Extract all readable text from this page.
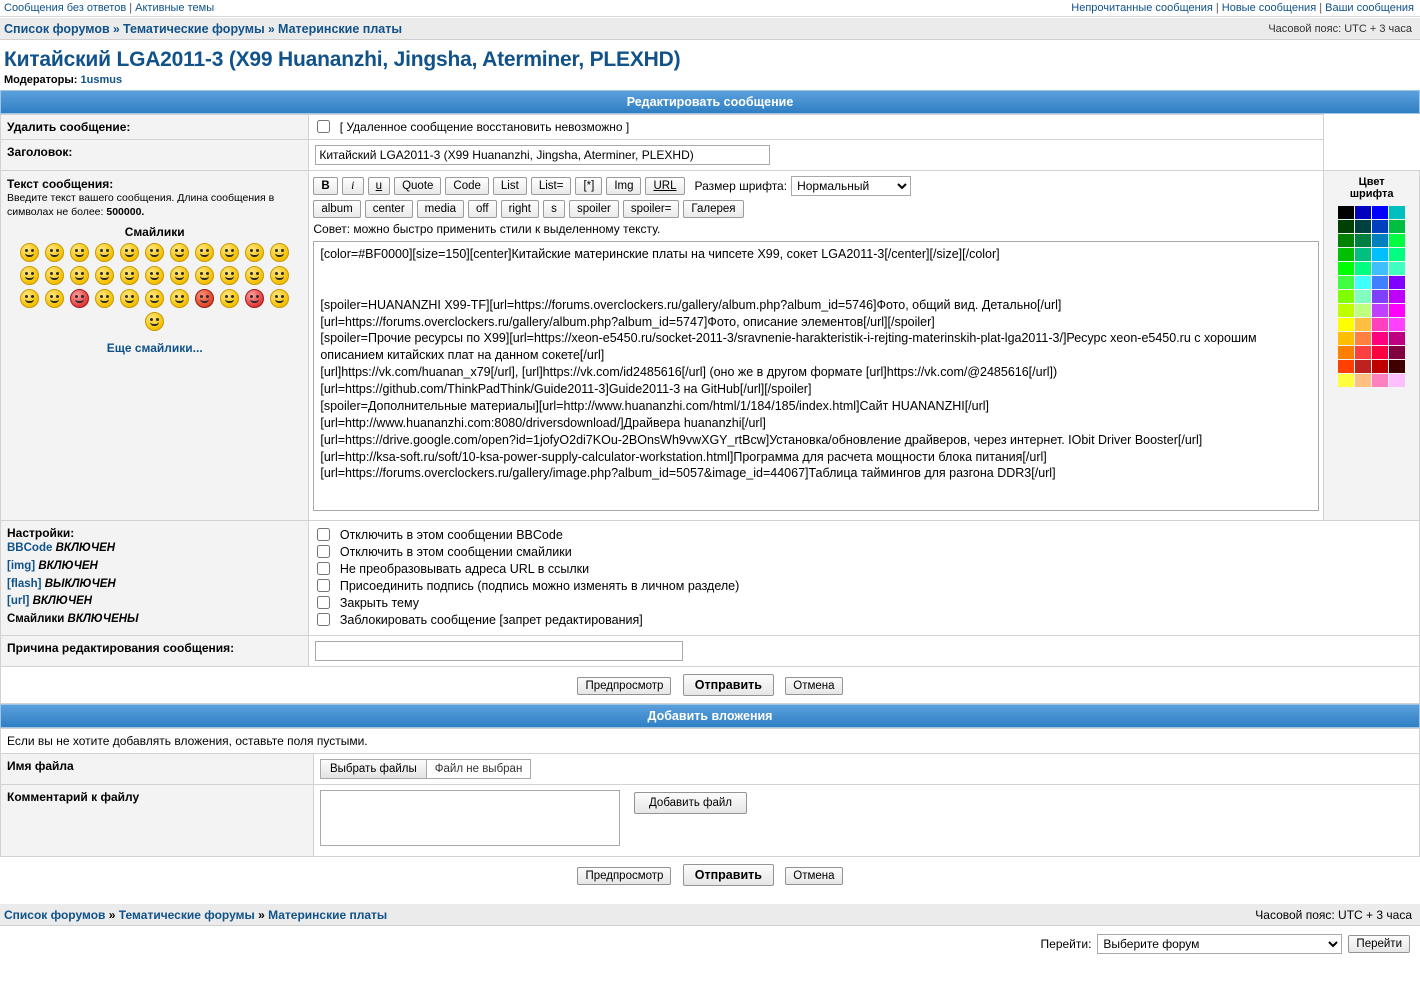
Сообщения без ответов | Активные темы	Непрочитанные сообщения | Новые сообщения | Ваши сообщения
Список форумов » Тематические форумы » Материнские платы	Часовой пояс: UTC + 3 часа
Китайский LGA2011-3 (X99 Huananzhi, Jingsha, Aterminer, PLEXHD)
Модераторы: 1usmus
Редактировать сообщение
Удалить сообщение:	[ Удаленное сообщение восстановить невозможно ]	
Заголовок:	Китайский LGA2011-3 (X99 Huananzhi, Jingsha, Aterminer, PLEXHD)

Текст сообщения:
Введите текст вашего сообщения. Длина сообщения в символах не более: 500000.
Смайлики
Еще смайлики...

B	i	u	Quote	Code	List	List=	[*]	Img	URL	Размер шрифта:
Нормальный
album	center	media	off	right	s	spoiler	spoiler=	Галерея
Совет: можно быстро применить стили к выделенному тексту.
[color=#BF0000][size=150][center]Китайские материнские платы на чипсете X99, сокет LGA2011-3[/center][/size][/color] [spoiler=HUANANZHI X99-TF][url=https://forums.overclockers.ru/gallery/album.php?album_id=5746]Фото, общий вид. Детально[/url] [url=https://forums.overclockers.ru/gallery/album.php?album_id=5747]Фото, описание элементов[/url][/spoiler] [spoiler=Прочие ресурсы по X99][url=https://xeon-e5450.ru/socket-2011-3/sravnenie-harakteristik-i-rejting-materinskih-plat-lga2011-3/]Ресурс xeon-e5450.ru с хорошим описанием китайских плат на данном сокете[/url] [url]https://vk.com/huanan_x79[/url], [url]https://vk.com/id2485616[/url] (оно же в другом формате [url]https://vk.com/@2485616[/url]) [url=https://github.com/ThinkPadThink/Guide2011-3]Guide2011-3 на GitHub[/url][/spoiler] [spoiler=Дополнительные материалы][url=http://www.huananzhi.com/html/1/184/185/index.html]Сайт HUANANZHI[/url] [url=http://www.huananzhi.com:8080/driversdownload/]Драйвера huananzhi[/url] [url=https://drive.google.com/open?id=1jofyO2di7KOu-2BOnsWh9vwXGY_rtBcw]Установка/обновление драйверов, через интернет. IObit Driver Booster[/url] [url=http://ksa-soft.ru/soft/10-ksa-power-supply-calculator-workstation.html]Программа для расчета мощности блока питания[/url] [url=https://forums.overclockers.ru/gallery/image.php?album_id=5057&image_id=44067]Таблица таймингов для разгона DDR3[/url]

Цвет
шрифта

Настройки:
BBCode ВКЛЮЧЕН
[img] ВКЛЮЧЕН
[flash] ВЫКЛЮЧЕН
[url] ВКЛЮЧЕН
Смайлики ВКЛЮЧЕНЫ

Отключить в этом сообщении BBCode
Отключить в этом сообщении смайлики
Не преобразовывать адреса URL в ссылки
Присоединить подпись (подпись можно изменять в личном разделе)
Закрыть тему
Заблокировать сообщение [запрет редактирования]

Причина редактирования сообщения:	
Предпросмотр	Отправить	Отмена
Добавить вложения
Если вы не хотите добавлять вложения, оставьте поля пустыми.	
Имя файла	Выбрать файлы Файл не выбран

Комментарий к файлу	Добавить файл
Предпросмотр	Отправить	Отмена
Список форумов » Тематические форумы » Материнские платы	Часовой пояс: UTC + 3 часа
Перейти:
Выберите форум	Перейти
